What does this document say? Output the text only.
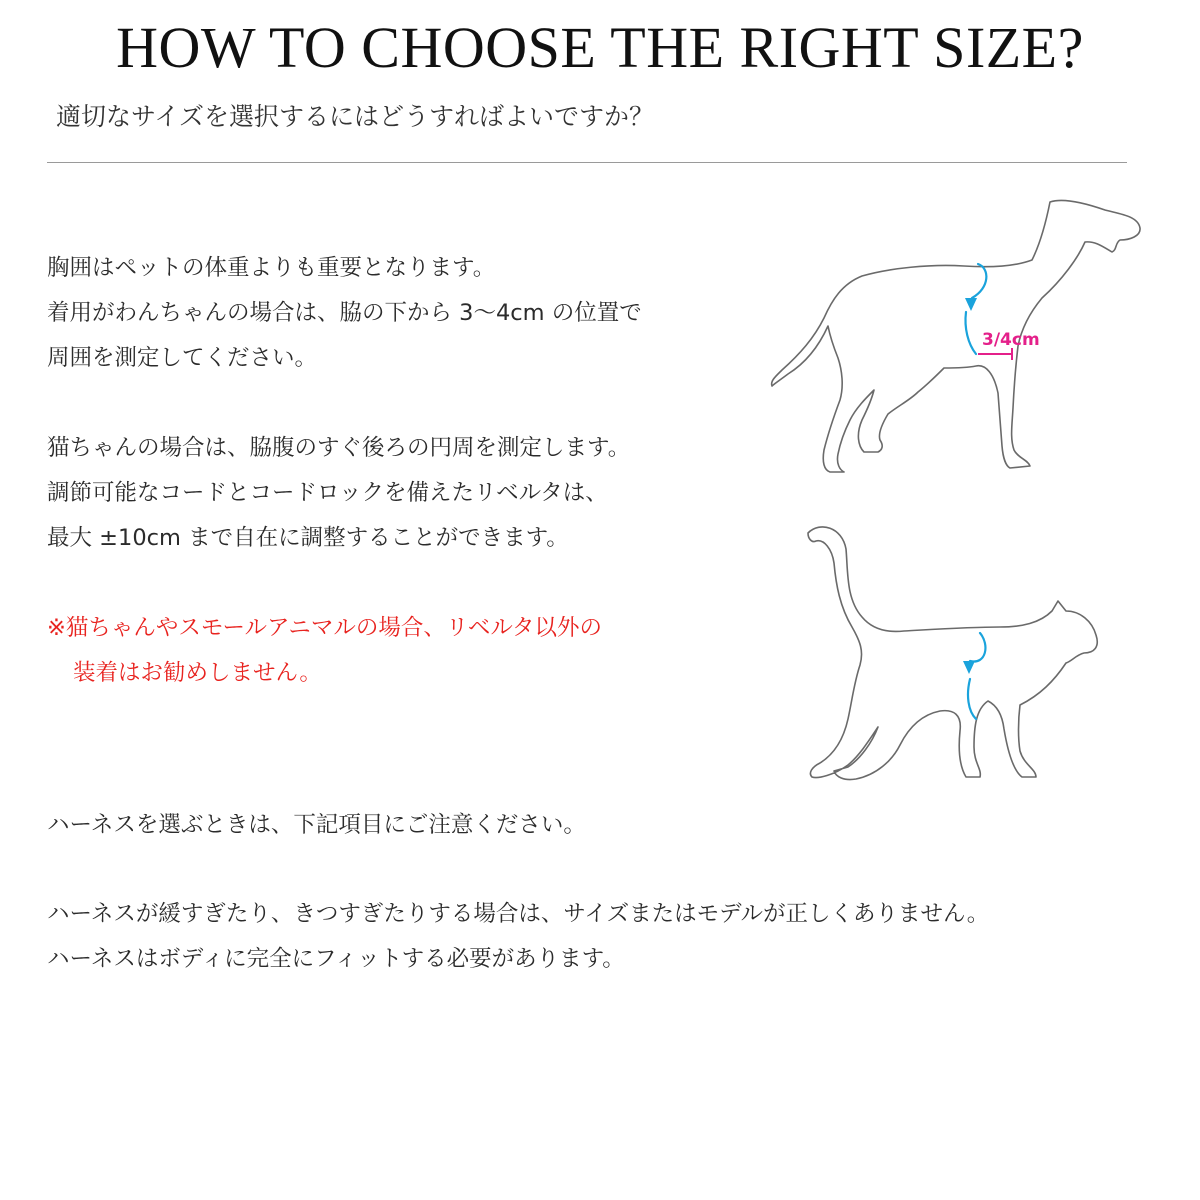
HOW TO CHOOSE THE RIGHT SIZE?
適切なサイズを選択するにはどうすればよいですか？
胸囲はペットの体重よりも重要となります。
着用がわんちゃんの場合は、脇の下から 3〜4cm の位置で
周囲を測定してください。
猫ちゃんの場合は、脇腹のすぐ後ろの円周を測定します。
調節可能なコードとコードロックを備えたリベルタは、
最大 ±10cm まで自在に調整することができます。
※猫ちゃんやスモールアニマルの場合、リベルタ以外の
装着はお勧めしません。
ハーネスを選ぶときは、下記項目にご注意ください。
ハーネスが緩すぎたり、きつすぎたりする場合は、サイズまたはモデルが正しくありません。
ハーネスはボディに完全にフィットする必要があります。
3/4cm
